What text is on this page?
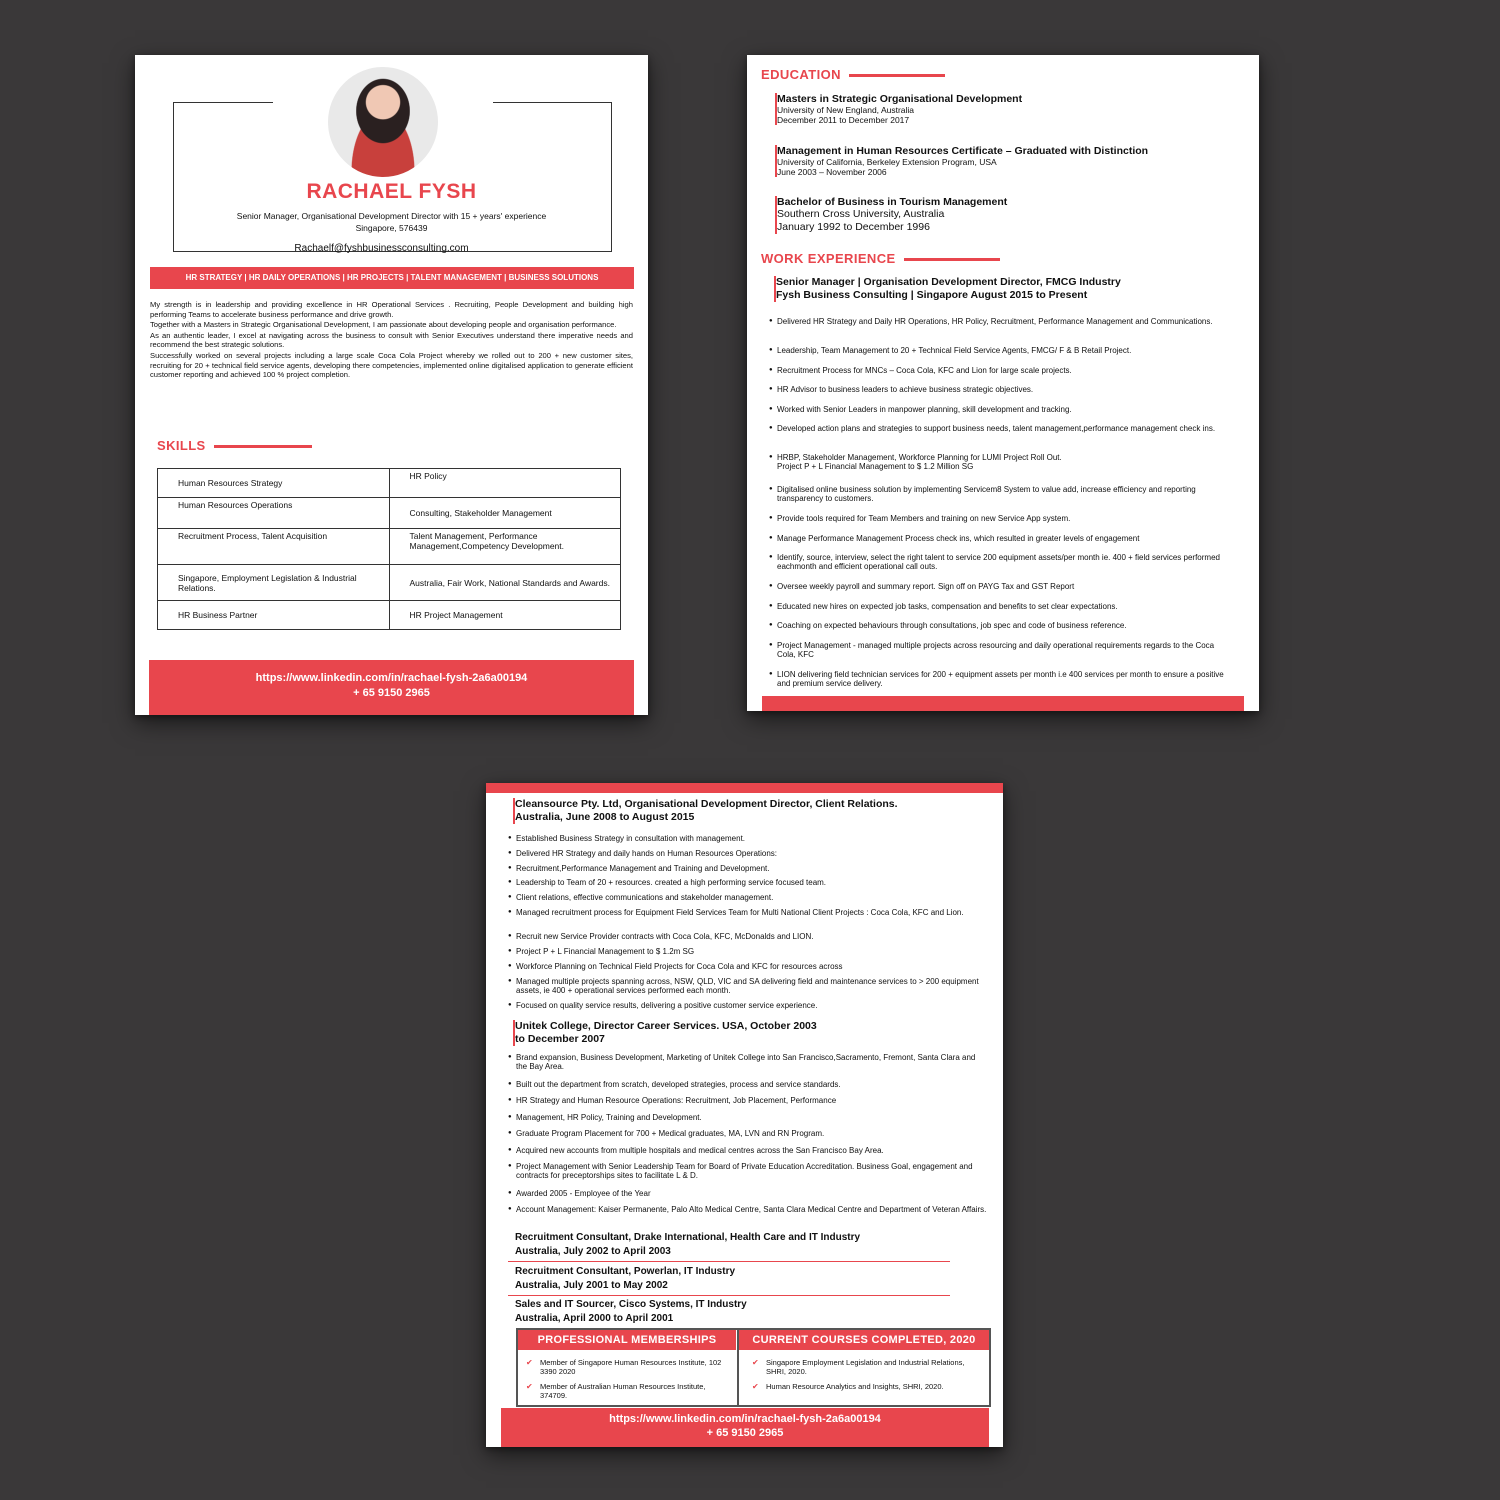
RACHAEL FYSH
Senior Manager, Organisational Development Director with 15 + years' experience
Singapore, 576439
Rachaelf@fyshbusinessconsulting.com
HR STRATEGY | HR DAILY OPERATIONS | HR PROJECTS | TALENT MANAGEMENT | BUSINESS SOLUTIONS

My strength is in leadership and providing excellence in HR Operational Services . Recruiting, People Development and building high performing Teams to accelerate business performance and drive growth.

Together with a Masters in Strategic Organisational Development, I am passionate about developing people and organisation performance.

As an authentic leader, I excel at navigating across the business to consult with Senior Executives understand there imperative needs and recommend the best strategic solutions.

Successfully worked on several projects including a large scale Coca Cola Project whereby we rolled out to 200 + new customer sites, recruiting for 20 + technical field service agents, developing there competencies, implemented online digitalised application to generate efficient customer reporting and achieved 100 % project completion.

SKILLS
Human Resources Strategy	HR Policy
Human Resources Operations	Consulting, Stakeholder Management
Recruitment Process, Talent Acquisition	Talent Management, Performance Management,Competency Development.
Singapore, Employment Legislation & Industrial Relations.	Australia, Fair Work, National Standards and Awards.
HR Business Partner	HR Project Management
https://www.linkedin.com/in/rachael-fysh-2a6a00194
+ 65 9150 2965
EDUCATION
Masters in Strategic Organisational Development
University of New England, Australia
December 2011 to December 2017
Management in Human Resources Certificate – Graduated with Distinction
University of California, Berkeley Extension Program, USA
June 2003 – November 2006
Bachelor of Business in Tourism Management
Southern Cross University, Australia
January 1992 to December 1996
WORK EXPERIENCE
Senior Manager | Organisation Development Director, FMCG Industry
Fysh Business Consulting | Singapore August 2015 to Present
● Delivered HR Strategy and Daily HR Operations, HR Policy, Recruitment, Performance Management and Communications.
● Leadership, Team Management to 20 + Technical Field Service Agents, FMCG/ F & B Retail Project.
● Recruitment Process for MNCs – Coca Cola, KFC and Lion for large scale projects.
● HR Advisor to business leaders to achieve business strategic objectives.
● Worked with Senior Leaders in manpower planning, skill development and tracking.
● Developed action plans and strategies to support business needs, talent management,performance management check ins.
● HRBP, Stakeholder Management, Workforce Planning for LUMI Project Roll Out.
Project P + L Financial Management to $ 1.2 Million SG
● Digitalised online business solution by implementing Servicem8 System to value add, increase efficiency and reporting transparency to customers.
● Provide tools required for Team Members and training on new Service App system.
● Manage Performance Management Process check ins, which resulted in greater levels of engagement
● Identify, source, interview, select the right talent to service 200 equipment assets/per month ie. 400 + field services performed eachmonth and efficient operational call outs.
● Oversee weekly payroll and summary report. Sign off on PAYG Tax and GST Report
● Educated new hires on expected job tasks, compensation and benefits to set clear expectations.
● Coaching on expected behaviours through consultations, job spec and code of business reference.
● Project Management - managed multiple projects across resourcing and daily operational requirements regards to the Coca Cola, KFC
● LION delivering field technician services for 200 + equipment assets per month i.e 400 services per month to ensure a positive and premium service delivery.
Cleansource Pty. Ltd, Organisational Development Director, Client Relations.
Australia, June 2008 to August 2015
● Established Business Strategy in consultation with management.
● Delivered HR Strategy and daily hands on Human Resources Operations:
● Recruitment,Performance Management and Training and Development.
● Leadership to Team of 20 + resources. created a high performing service focused team.
● Client relations, effective communications and stakeholder management.
● Managed recruitment process for Equipment Field Services Team for Multi National Client Projects : Coca Cola, KFC and Lion.
● Recruit new Service Provider contracts with Coca Cola, KFC, McDonalds and LION.
● Project P + L Financial Management to $ 1.2m SG
● Workforce Planning on Technical Field Projects for Coca Cola and KFC for resources across
● Managed multiple projects spanning across, NSW, QLD, VIC and SA delivering field and maintenance services to > 200 equipment assets, ie 400 + operational services performed each month.
● Focused on quality service results, delivering a positive customer service experience.
Unitek College, Director Career Services. USA, October 2003
to December 2007
● Brand expansion, Business Development, Marketing of Unitek College into San Francisco,Sacramento, Fremont, Santa Clara and the Bay Area.
● Built out the department from scratch, developed strategies, process and service standards.
● HR Strategy and Human Resource Operations: Recruitment, Job Placement, Performance
● Management, HR Policy, Training and Development.
● Graduate Program Placement for 700 + Medical graduates, MA, LVN and RN Program.
● Acquired new accounts from multiple hospitals and medical centres across the San Francisco Bay Area.
● Project Management with Senior Leadership Team for Board of Private Education Accreditation. Business Goal, engagement and contracts for preceptorships sites to facilitate L & D.
● Awarded 2005 - Employee of the Year
● Account Management: Kaiser Permanente, Palo Alto Medical Centre, Santa Clara Medical Centre and Department of Veteran Affairs.
Recruitment Consultant, Drake International, Health Care and IT Industry
Australia, July 2002 to April 2003
Recruitment Consultant, Powerlan, IT Industry
Australia, July 2001 to May 2002
Sales and IT Sourcer, Cisco Systems, IT Industry
Australia, April 2000 to April 2001
PROFESSIONAL MEMBERSHIPS	CURRENT COURSES COMPLETED, 2020
✔ Member of Singapore Human Resources Institute, 102 3390 2020
✔ Member of Australian Human Resources Institute, 374709.
✔ Singapore Employment Legislation and Industrial Relations, SHRI, 2020.
✔ Human Resource Analytics and Insights, SHRI, 2020.
https://www.linkedin.com/in/rachael-fysh-2a6a00194
+ 65 9150 2965
